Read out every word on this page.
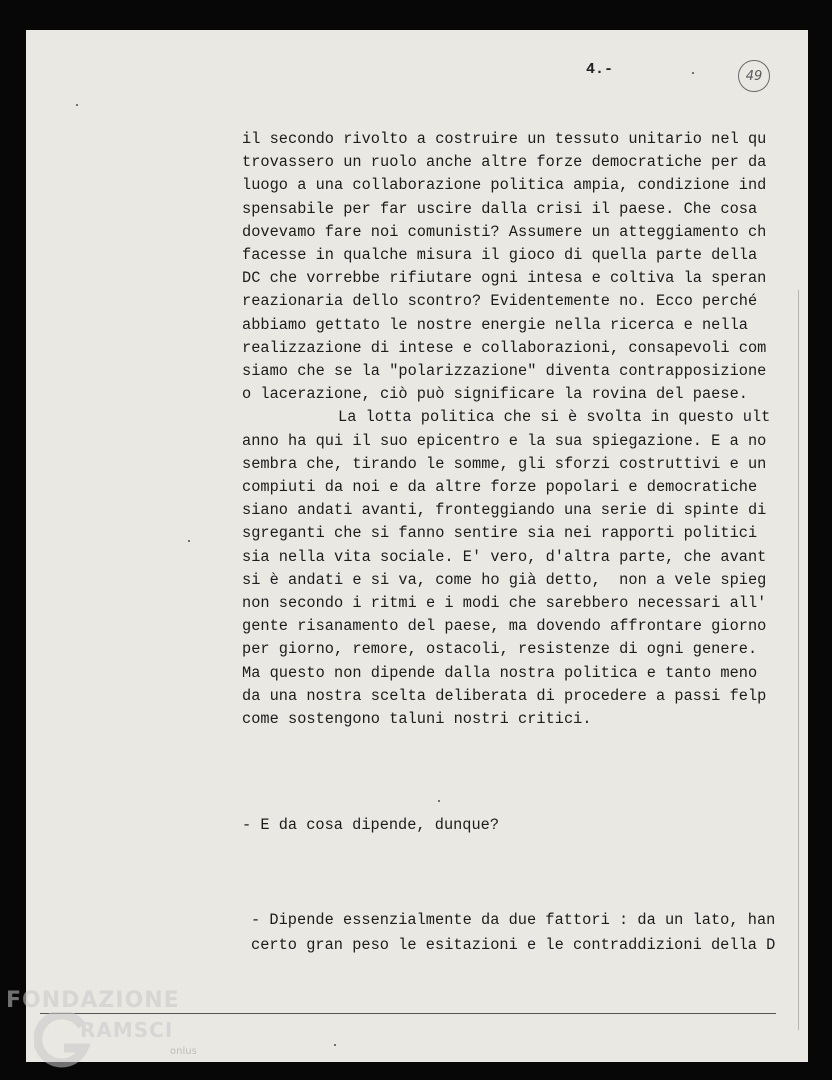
4.-	49
il secondo rivolto a costruire un tessuto unitario nel qu
trovassero un ruolo anche altre forze democratiche per da
luogo a una collaborazione politica ampia, condizione ind
spensabile per far uscire dalla crisi il paese. Che cosa
dovevamo fare noi comunisti? Assumere un atteggiamento ch
facesse in qualche misura il gioco di quella parte della
DC che vorrebbe rifiutare ogni intesa e coltiva la speran
reazionaria dello scontro? Evidentemente no. Ecco perché
abbiamo gettato le nostre energie nella ricerca e nella
realizzazione di intese e collaborazioni, consapevoli com
siamo che se la "polarizzazione" diventa contrapposizione
o lacerazione, ciò può significare la rovina del paese.
La lotta politica che si è svolta in questo ult
anno ha qui il suo epicentro e la sua spiegazione. E a no
sembra che, tirando le somme, gli sforzi costruttivi e un
compiuti da noi e da altre forze popolari e democratiche
siano andati avanti, fronteggiando una serie di spinte di
sgreganti che si fanno sentire sia nei rapporti politici
sia nella vita sociale. E' vero, d'altra parte, che avant
si è andati e si va, come ho già detto,  non a vele spieg
non secondo i ritmi e i modi che sarebbero necessari all'
gente risanamento del paese, ma dovendo affrontare giorno
per giorno, remore, ostacoli, resistenze di ogni genere.
Ma questo non dipende dalla nostra politica e tanto meno
da una nostra scelta deliberata di procedere a passi felp
come sostengono taluni nostri critici.
- E da cosa dipende, dunque?
- Dipende essenzialmente da due fattori : da un lato, han
certo gran peso le esitazioni e le contraddizioni della D
FONDAZIONE
RAMSCI
onlus
